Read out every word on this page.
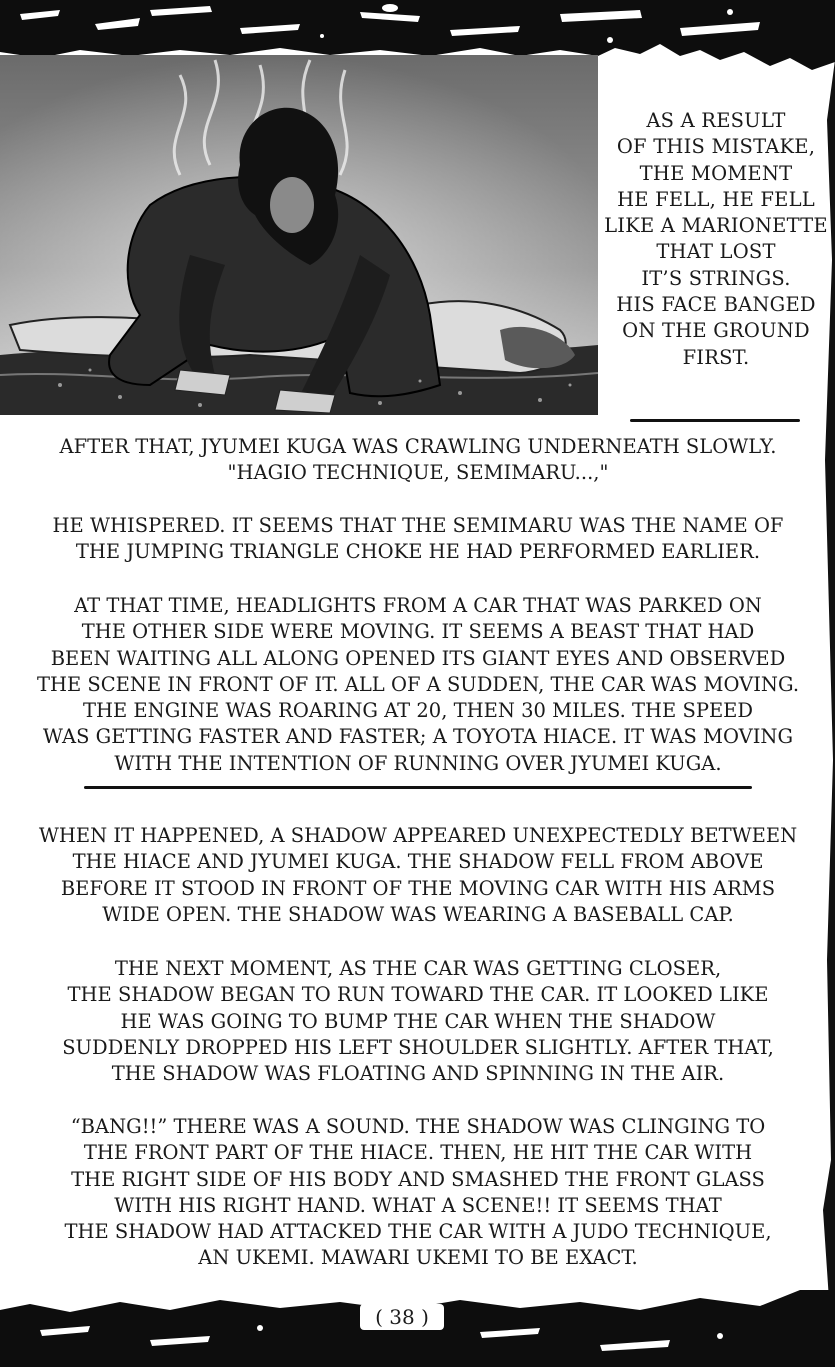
AS A RESULT
OF THIS MISTAKE,
THE MOMENT
HE FELL, HE FELL
LIKE A MARIONETTE
THAT LOST
IT’S STRINGS.
HIS FACE BANGED
ON THE GROUND
FIRST.

AFTER THAT, JYUMEI KUGA WAS CRAWLING UNDERNEATH SLOWLY.
"HAGIO TECHNIQUE, SEMIMARU...,"

HE WHISPERED. IT SEEMS THAT THE SEMIMARU WAS THE NAME OF
THE JUMPING TRIANGLE CHOKE HE HAD PERFORMED EARLIER.

AT THAT TIME, HEADLIGHTS FROM A CAR THAT WAS PARKED ON
THE OTHER SIDE WERE MOVING. IT SEEMS A BEAST THAT HAD
BEEN WAITING ALL ALONG OPENED ITS GIANT EYES AND OBSERVED
THE SCENE IN FRONT OF IT. ALL OF A SUDDEN, THE CAR WAS MOVING.
THE ENGINE WAS ROARING AT 20, THEN 30 MILES. THE SPEED
WAS GETTING FASTER AND FASTER; A TOYOTA HIACE. IT WAS MOVING
WITH THE INTENTION OF RUNNING OVER JYUMEI KUGA.

WHEN IT HAPPENED, A SHADOW APPEARED UNEXPECTEDLY BETWEEN
THE HIACE AND JYUMEI KUGA. THE SHADOW FELL FROM ABOVE
BEFORE IT STOOD IN FRONT OF THE MOVING CAR WITH HIS ARMS
WIDE OPEN. THE SHADOW WAS WEARING A BASEBALL CAP.

THE NEXT MOMENT, AS THE CAR WAS GETTING CLOSER,
THE SHADOW BEGAN TO RUN TOWARD THE CAR. IT LOOKED LIKE
HE WAS GOING TO BUMP THE CAR WHEN THE SHADOW
SUDDENLY DROPPED HIS LEFT SHOULDER SLIGHTLY. AFTER THAT,
THE SHADOW WAS FLOATING AND SPINNING IN THE AIR.

“BANG!!” THERE WAS A SOUND. THE SHADOW WAS CLINGING TO
THE FRONT PART OF THE HIACE. THEN, HE HIT THE CAR WITH
THE RIGHT SIDE OF HIS BODY AND SMASHED THE FRONT GLASS
WITH HIS RIGHT HAND. WHAT A SCENE!! IT SEEMS THAT
THE SHADOW HAD ATTACKED THE CAR WITH A JUDO TECHNIQUE,
AN UKEMI. MAWARI UKEMI TO BE EXACT.

( 38 )
